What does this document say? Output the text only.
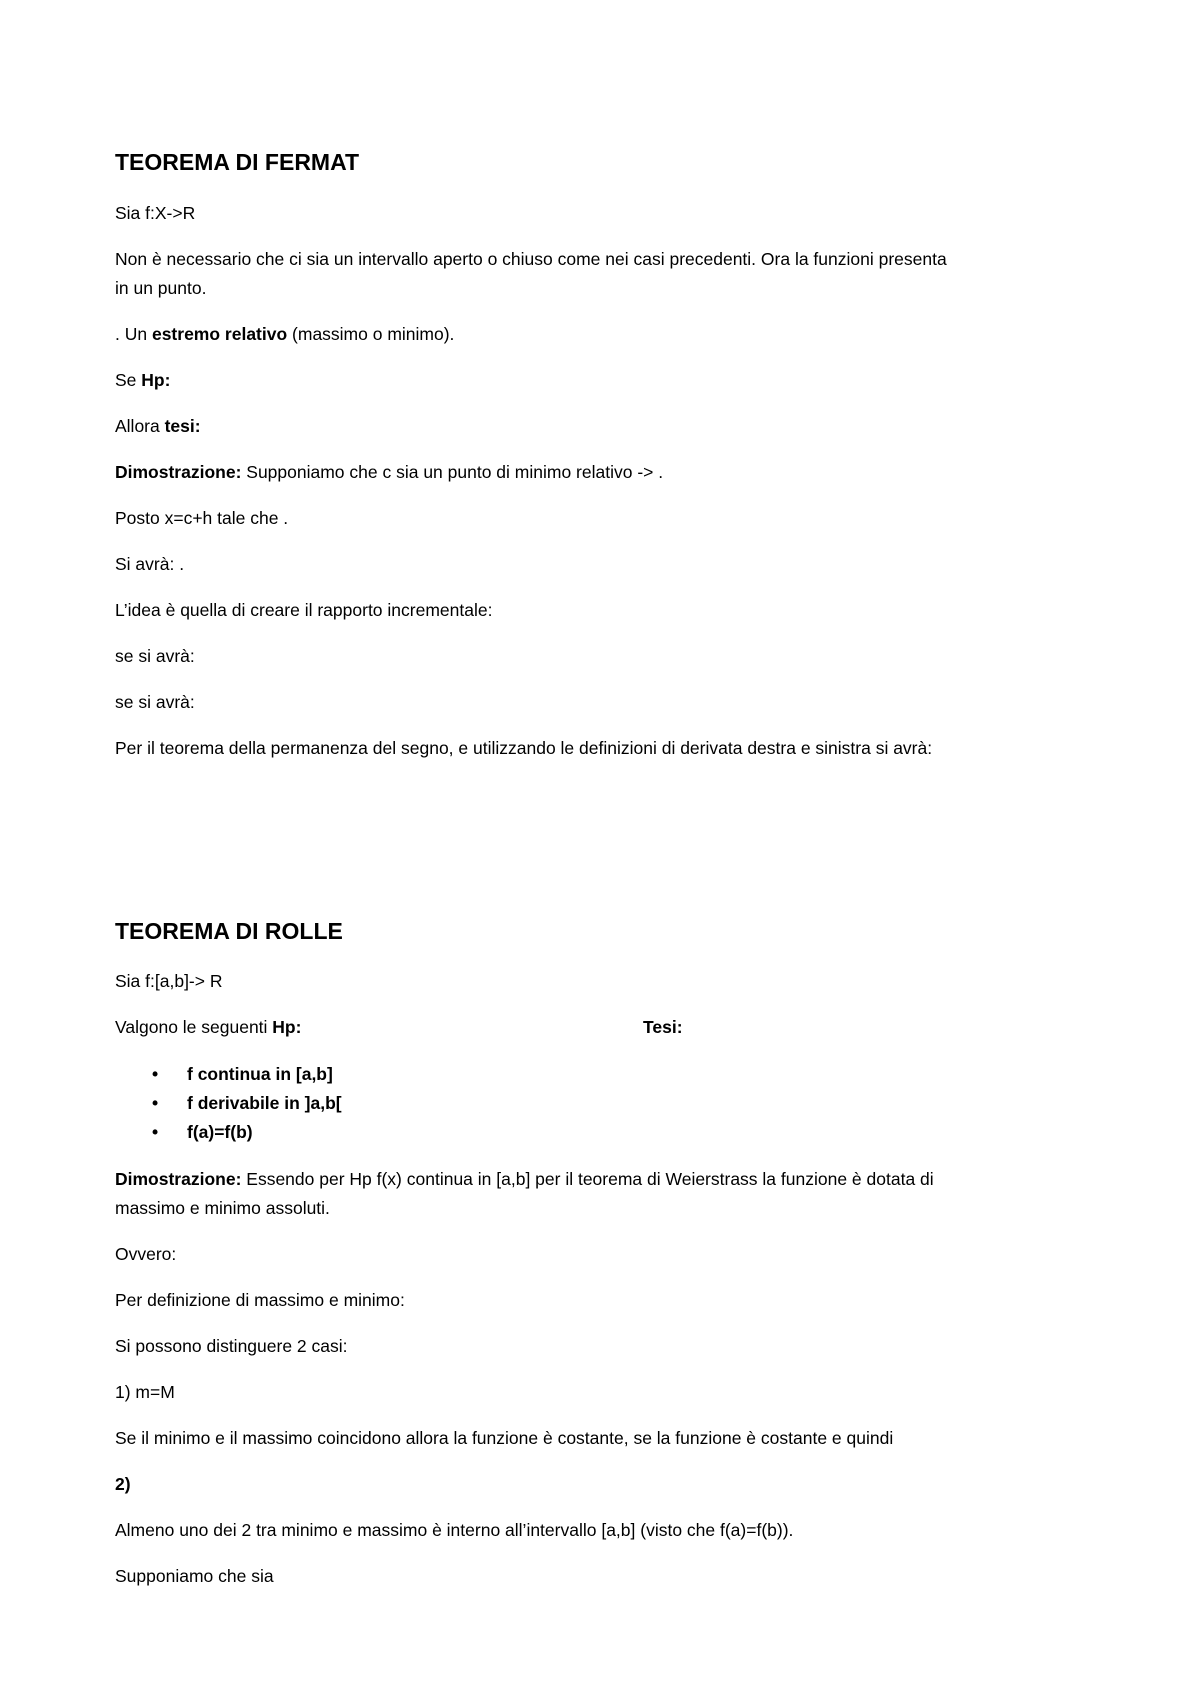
TEOREMA DI FERMAT
Sia f:X->R
Non è necessario che ci sia un intervallo aperto o chiuso come nei casi precedenti. Ora la funzioni presenta
in un punto.
. Un estremo relativo (massimo o minimo).
Se Hp:
Allora tesi:
Dimostrazione: Supponiamo che c sia un punto di minimo relativo -> .
Posto x=c+h tale che .
Si avrà: .
L’idea è quella di creare il rapporto incrementale:
se si avrà:
se si avrà:
Per il teorema della permanenza del segno, e utilizzando le definizioni di derivata destra e sinistra si avrà:
TEOREMA DI ROLLE
Sia f:[a,b]-> R
Valgono le seguenti Hp:	Tesi:
• f continua in [a,b]
• f derivabile in ]a,b[
• f(a)=f(b)
Dimostrazione: Essendo per Hp f(x) continua in [a,b] per il teorema di Weierstrass la funzione è dotata di
massimo e minimo assoluti.
Ovvero:
Per definizione di massimo e minimo:
Si possono distinguere 2 casi:
1) m=M
Se il minimo e il massimo coincidono allora la funzione è costante, se la funzione è costante e quindi
2)
Almeno uno dei 2 tra minimo e massimo è interno all’intervallo [a,b] (visto che f(a)=f(b)).
Supponiamo che sia
